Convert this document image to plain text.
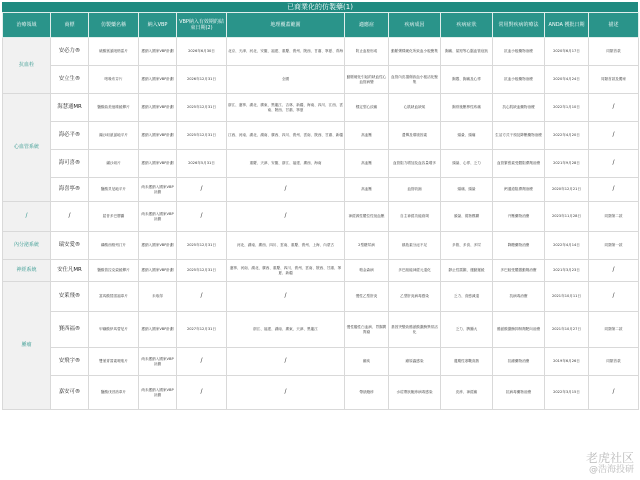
已商業化的仿製藥(1)
治療領域	商標	仿製藥名稱	納入VBP	VBP納入有效期的結束日期(2)	地理覆蓋範圍	適應症	疾病成因	疾病症狀	常用對疾病的療法	ANDA 獲批日期	描述
抗血栓	安必力®	硫酸氫氯吡格雷片	獲納入國家VBP計劃	2026年6月30日	北京、天津、河北、安徽、福建、重慶、貴州、陝西、甘肅、寧夏、青海	防止血栓形成	動脈粥樣硬化所致血小板聚集	胸痛、氣短等心腦血管症狀	抗血小板藥物治療	2020年6月17日	同類首款
	安立生®	吲哚布芬片	獲納入國家VBP計劃	2026年12月31日	全國	動脈硬化引起的缺血性心血管病變	血管內皮損傷致血小板活化聚集	胸悶、胸痛及心悸	抗血小板藥物治療	2020年4月24日	同類首款及獨家
心血管系統	海慧通MR	鹽酸曲美他嗪緩釋片	獲納入國家VBP計劃	2025年12月31日	浙江、遼寧、湖北、廣東、黑龍江、吉林、新疆、海南、四川、江西、雲南、陝西、甘肅、寧夏	穩定型心絞痛	心肌缺血缺氧	胸骨後壓榨性疼痛	抗心肌缺血藥物治療	2022年1月10日	/
	海必平®	纈沙坦氨氯地平片	獲納入國家VBP計劃	2025年12月31日	江西、河南、湖北、湖南、廣西、四川、貴州、雲南、陝西、甘肅、新疆	高血壓	遺傳及環境因素	頭暈、頭痛	生活方式干預及降壓藥物治療	2022年4月20日	/
	海可喜®	纈沙坦片	獲納入國家VBP計劃	2026年5月31日	重慶、天津、安徽、浙江、福建、廣西、海南	高血壓	血管阻力增加及血容量增多	頭暈、心悸、乏力	血管緊張素受體阻滯劑治療	2021年9月28日	/
	海喜寧®	鹽酸貝尼地平片	尚未獲納入國家VBP計劃	/	/	高血壓	血管收縮	頭痛、頭暈	鈣通道阻滯劑治療	2020年12月21日	/
/	/	屈昔多巴膠囊	尚未獲納入國家VBP計劃	/	/	神經源性體位性低血壓	自主神經功能衰竭	頭暈、視物模糊	升壓藥物治療	2023年11月28日	同類第二款
內分泌系統	瑞安愛®	磷酸西格列汀片	獲納入國家VBP計劃	2025年12月31日	河北、湖南、廣西、四川、雲南、重慶、貴州、上海、內蒙古	2型糖尿病	胰島素分泌不足	多飲、多食、多尿	降糖藥物治療	2022年4月14日	同類第一款
神經系統	安仕凡MR	鹽酸普拉克索緩釋片	獲納入國家VBP計劃	2025年12月31日	遼寧、河南、湖北、廣西、重慶、四川、貴州、雲南、陝西、甘肅、寧夏、新疆	帕金森病	多巴胺能神經元退化	靜止性震顫、運動遲緩	多巴胺受體激動劑治療	2021年3月23日	/
腫瘤	安萊飛®	富馬酸替諾福韋片	未取得	/	/	慢性乙型肝炎	乙型肝炎病毒感染	乏力、食慾減退	抗病毒治療	2021年10月11日	/
	賽西福®	甲磺酸伊馬替尼片	獲納入國家VBP計劃	2027年12月31日	浙江、福建、湖南、廣東、天津、黑龍江	慢性髓性白血病、胃腸間質瘤	基因突變致酪氨酸激酶異常活化	乏力、脾腫大	酪氨酸激酶抑制劑靶向治療	2021年10月27日	同類第二款
	安飛宇®	雙氫青蒿素哌喹片	尚未獲納入國家VBP計劃	/	/	瘧疾	瘧原蟲感染	週期性寒戰高熱	抗瘧藥物治療	2019年6月26日	同類首款
	嘉安可®	鹽酸伐昔洛韋片	尚未獲納入國家VBP計劃	/	/	帶狀皰疹	水痘帶狀皰疹病毒感染	皮疹、神經痛	抗病毒藥物治療	2022年3月15日	/
老虎社区
@浩海投研
